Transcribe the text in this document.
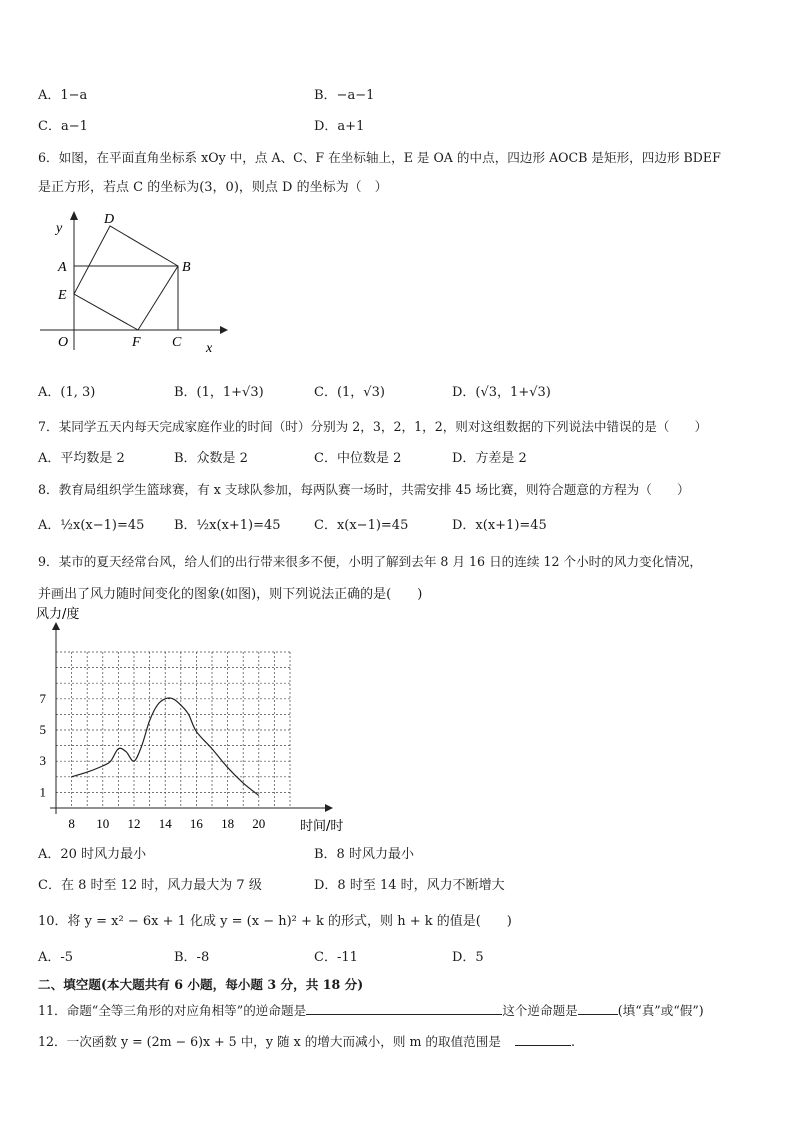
A．1−a	B．−a−1
C．a−1	D．a+1
6．如图，在平面直角坐标系 xOy 中，点 A、C、F 在坐标轴上，E 是 OA 的中点，四边形 AOCB 是矩形，四边形 BDEF
是正方形，若点 C 的坐标为(3，0)，则点 D 的坐标为（　）
y
D
A	B
E
O	F C x
A．(1, 3)	B．(1，1+√3)	C．(1，√3)	D．(√3，1+√3)
7．某同学五天内每天完成家庭作业的时间（时）分别为 2，3，2，1，2，则对这组数据的下列说法中错误的是（　　）
A．平均数是 2	B．众数是 2	C．中位数是 2	D．方差是 2
8．教育局组织学生篮球赛，有 x 支球队参加，每两队赛一场时，共需安排 45 场比赛，则符合题意的方程为（　　）
A．½x(x−1)=45 B．½x(x+1)=45	C．x(x−1)=45	D．x(x+1)=45
9．某市的夏天经常台风，给人们的出行带来很多不便，小明了解到去年 8 月 16 日的连续 12 个小时的风力变化情况，
并画出了风力随时间变化的图象(如图)，则下列说法正确的是(　　)
风力/度
8 10 12 14 16 18 20
1
3
5
7
时间/时
A．20 时风力最小	B．8 时风力最小
C．在 8 时至 12 时，风力最大为 7 级	D．8 时至 14 时，风力不断增大
10．将 y = x² − 6x + 1 化成 y = (x − h)² + k 的形式，则 h + k 的值是(　　)
A．-5	B．-8	C．-11	D．5
二、填空题(本大题共有 6 小题，每小题 3 分，共 18 分)
11．命题“全等三角形的对应角相等”的逆命题是	这个逆命题是	(填“真”或“假”)
12．一次函数 y = (2m − 6)x + 5 中，y 随 x 的增大而减小，则 m 的取值范围是	.
